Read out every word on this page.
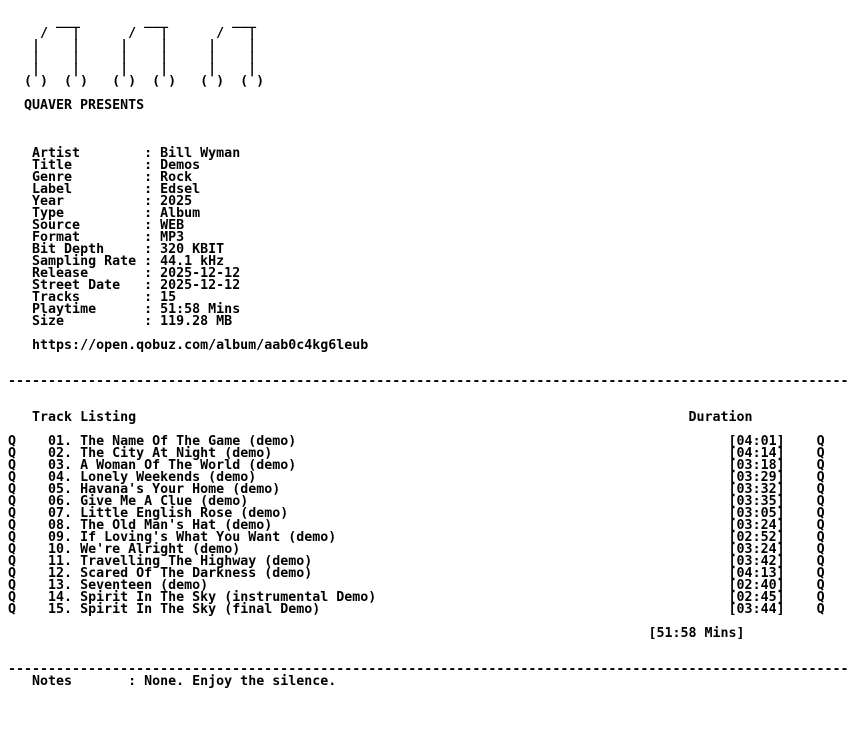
___        ___        ___
/   |      /   |      /   |
|    |     |    |     |    |
|    |     |    |     |    |
|    |     |    |     |    |
( )  ( )   ( )  ( )   ( )  ( )
QUAVER PRESENTS
Artist	: Bill Wyman
Title	: Demos
Genre	: Rock
Label	: Edsel
Year	: 2025
Type	: Album
Source	: WEB
Format	: MP3
Bit Depth	: 320 KBIT
Sampling Rate : 44.1 kHz
Release	: 2025-12-12
Street Date : 2025-12-12
Tracks	: 15
Playtime	: 51:58 Mins
Size	: 119.28 MB
https://open.qobuz.com/album/aab0c4kg6leub
---------------------------------------------------------------------------------------------------------
Track Listing	Duration
Q 01. The Name Of The Game (demo)	[04:01] Q
Q 02. The City At Night (demo)	[04:14] Q
Q 03. A Woman Of The World (demo)	[03:18] Q
Q 04. Lonely Weekends (demo)	[03:29] Q
Q 05. Havana's Your Home (demo)	[03:32] Q
Q 06. Give Me A Clue (demo)	[03:35] Q
Q 07. Little English Rose (demo)	[03:05] Q
Q 08. The Old Man's Hat (demo)	[03:24] Q
Q 09. If Loving's What You Want (demo)	[02:52] Q
Q 10. We're Alright (demo)	[03:24] Q
Q 11. Travelling The Highway (demo)	[03:42] Q
Q 12. Scared Of The Darkness (demo)	[04:13] Q
Q 13. Seventeen (demo)	[02:40] Q
Q 14. Spirit In The Sky (instrumental Demo)	[02:45] Q
Q 15. Spirit In The Sky (final Demo)	[03:44] Q
[51:58 Mins]
---------------------------------------------------------------------------------------------------------
Notes	: None. Enjoy the silence.
